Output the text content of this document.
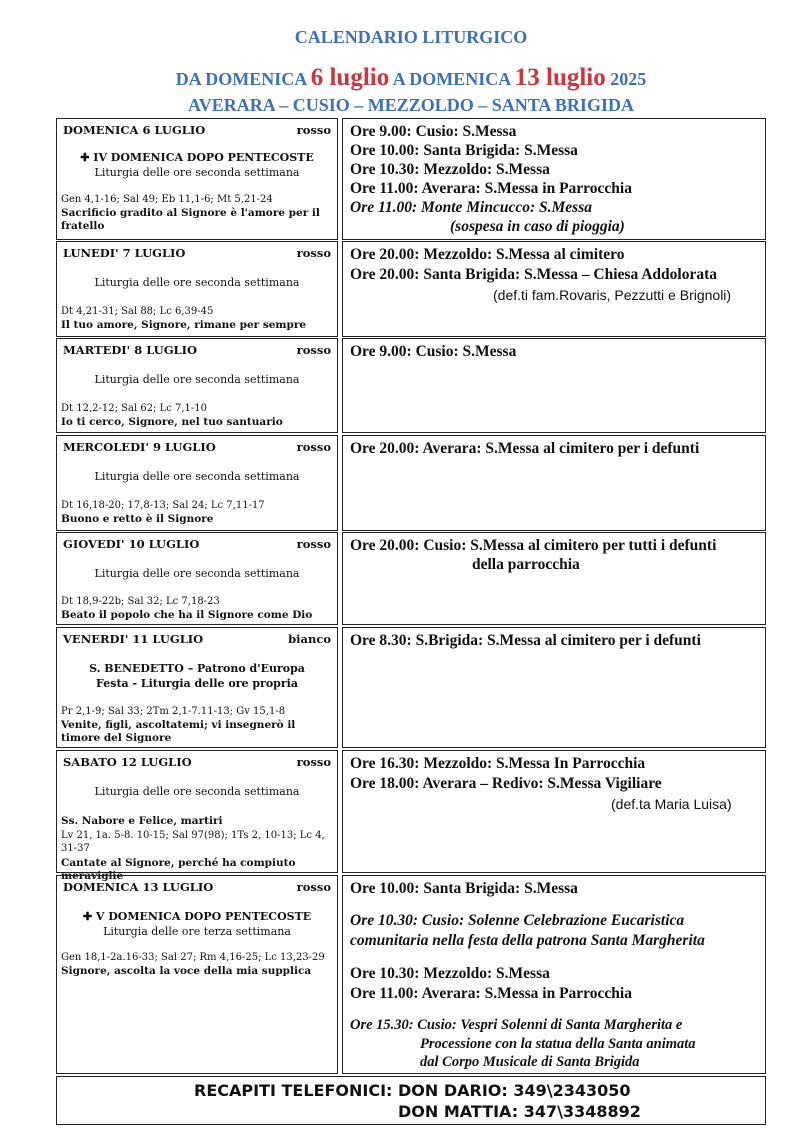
CALENDARIO LITURGICO
DA DOMENICA 6 luglio A DOMENICA 13 luglio 2025
AVERARA – CUSIO – MEZZOLDO – SANTA BRIGIDA
DOMENICA 6 LUGLIO	rosso
✚ IV DOMENICA DOPO PENTECOSTE
Liturgia delle ore seconda settimana
Gen 4,1-16; Sal 49; Eb 11,1-6; Mt 5,21-24
Sacrificio gradito al Signore è l'amore per il fratello
Ore 9.00: Cusio: S.Messa
Ore 10.00: Santa Brigida: S.Messa
Ore 10.30: Mezzoldo: S.Messa
Ore 11.00: Averara: S.Messa in Parrocchia
Ore 11.00: Monte Mincucco: S.Messa
(sospesa in caso di pioggia)
LUNEDI' 7 LUGLIO	rosso
Liturgia delle ore seconda settimana
Dt 4,21-31; Sal 88; Lc 6,39-45
Il tuo amore, Signore, rimane per sempre
Ore 20.00: Mezzoldo: S.Messa al cimitero
Ore 20.00: Santa Brigida: S.Messa – Chiesa Addolorata
(def.ti fam.Rovaris, Pezzutti e Brignoli)
MARTEDI' 8 LUGLIO	rosso
Liturgia delle ore seconda settimana
Dt 12,2-12; Sal 62; Lc 7,1-10
Io ti cerco, Signore, nel tuo santuario
Ore 9.00: Cusio: S.Messa
MERCOLEDI' 9 LUGLIO	rosso
Liturgia delle ore seconda settimana
Dt 16,18-20; 17,8-13; Sal 24; Lc 7,11-17
Buono e retto è il Signore
Ore 20.00: Averara: S.Messa al cimitero per i defunti
GIOVEDI' 10 LUGLIO	rosso
Liturgia delle ore seconda settimana
Dt 18,9-22b; Sal 32; Lc 7,18-23
Beato il popolo che ha il Signore come Dio
Ore 20.00: Cusio: S.Messa al cimitero per tutti i defunti
della parrocchia
VENERDI' 11 LUGLIO	bianco
S. BENEDETTO – Patrono d'Europa
Festa - Liturgia delle ore propria
Pr 2,1-9; Sal 33; 2Tm 2,1-7.11-13; Gv 15,1-8
Venite, figli, ascoltatemi; vi insegnerò il timore del Signore
Ore 8.30: S.Brigida: S.Messa al cimitero per i defunti
SABATO 12 LUGLIO	rosso
Liturgia delle ore seconda settimana
Ss. Nabore e Felice, martiri
Lv 21, 1a. 5-8. 10-15; Sal 97(98); 1Ts 2, 10-13; Lc 4, 31-37
Cantate al Signore, perché ha compiuto meraviglie
Ore 16.30: Mezzoldo: S.Messa In Parrocchia
Ore 18.00: Averara – Redivo: S.Messa Vigiliare
(def.ta Maria Luisa)
DOMENICA 13 LUGLIO	rosso
✚ V DOMENICA DOPO PENTECOSTE
Liturgia delle ore terza settimana
Gen 18,1-2a.16-33; Sal 27; Rm 4,16-25; Lc 13,23-29
Signore, ascolta la voce della mia supplica
Ore 10.00: Santa Brigida: S.Messa
Ore 10.30: Cusio: Solenne Celebrazione Eucaristica
comunitaria nella festa della patrona Santa Margherita
Ore 10.30: Mezzoldo: S.Messa
Ore 11.00: Averara: S.Messa in Parrocchia
Ore 15.30: Cusio: Vespri Solenni di Santa Margherita e
Processione con la statua della Santa animata
dal Corpo Musicale di Santa Brigida
RECAPITI TELEFONICI: DON DARIO: 349\2343050
DON MATTIA: 347\3348892
